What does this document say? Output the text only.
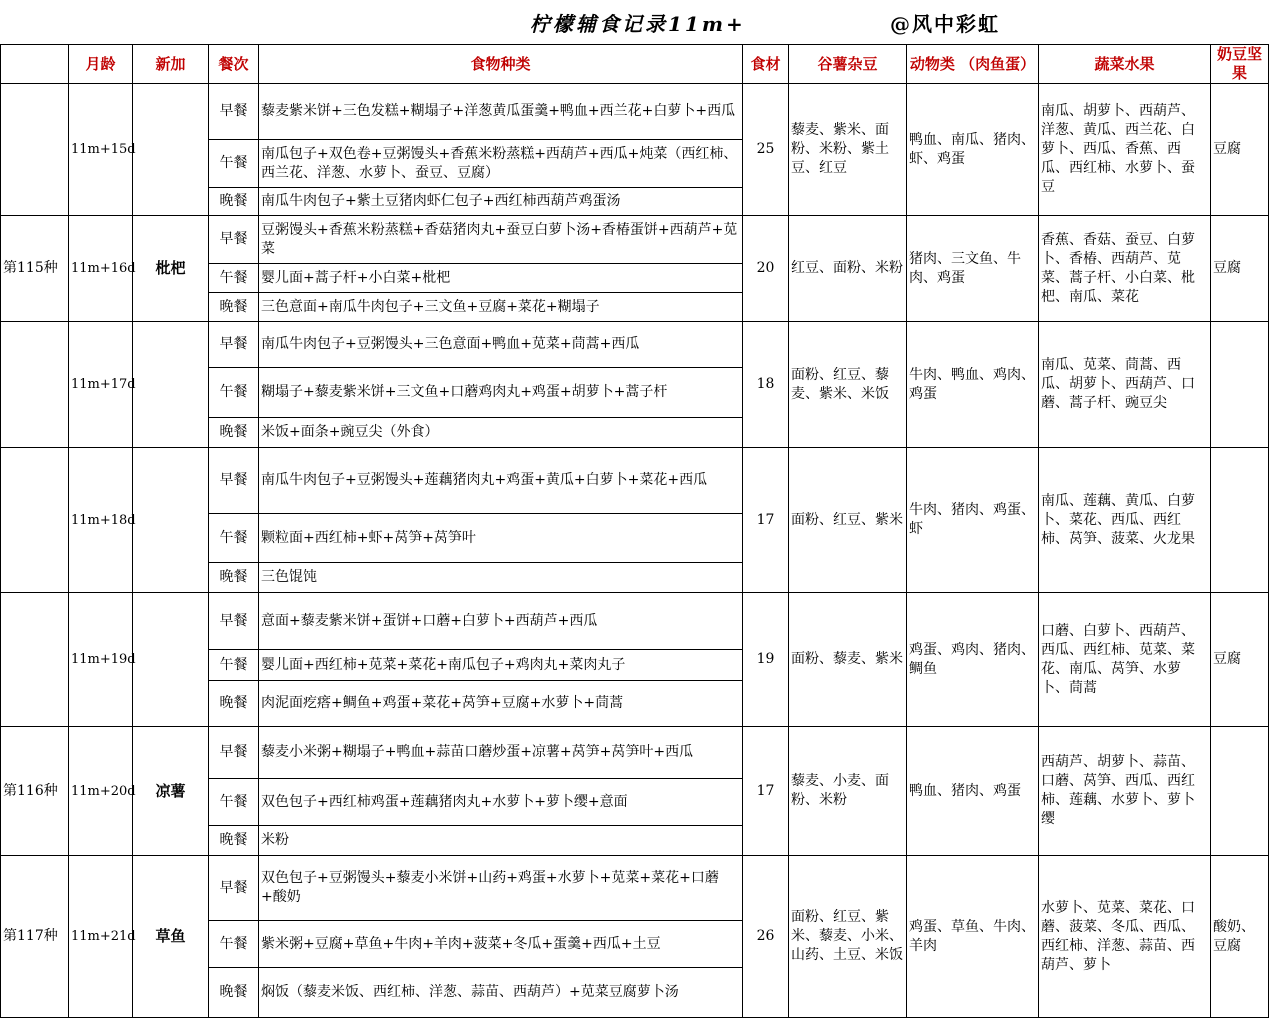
柠檬辅食记录11m+	@风中彩虹
	月龄	新加	餐次	食物种类	食材	谷薯杂豆	动物类 （肉鱼蛋）	蔬菜水果	奶豆坚果
	11m+15d		早餐	藜麦紫米饼+三色发糕+糊塌子+洋葱黄瓜蛋羹+鸭血+西兰花+白萝卜+西瓜	25	藜麦、紫米、面粉、米粉、紫土豆、红豆	鸭血、南瓜、猪肉、虾、鸡蛋	南瓜、胡萝卜、西葫芦、洋葱、黄瓜、西兰花、白萝卜、西瓜、香蕉、西瓜、西红柿、水萝卜、蚕豆	豆腐
			午餐	南瓜包子+双色卷+豆粥馒头+香蕉米粉蒸糕+西葫芦+西瓜+炖菜（西红柿、西兰花、洋葱、水萝卜、蚕豆、豆腐）					
			晚餐	南瓜牛肉包子+紫土豆猪肉虾仁包子+西红柿西葫芦鸡蛋汤					
第115种	11m+16d	枇杷	早餐	豆粥馒头+香蕉米粉蒸糕+香菇猪肉丸+蚕豆白萝卜汤+香椿蛋饼+西葫芦+苋菜	20	红豆、面粉、米粉	猪肉、三文鱼、牛肉、鸡蛋	香蕉、香菇、蚕豆、白萝卜、香椿、西葫芦、苋菜、蒿子杆、小白菜、枇杷、南瓜、菜花	豆腐
			午餐	婴儿面+蒿子杆+小白菜+枇杷					
			晚餐	三色意面+南瓜牛肉包子+三文鱼+豆腐+菜花+糊塌子					
	11m+17d		早餐	南瓜牛肉包子+豆粥馒头+三色意面+鸭血+苋菜+茼蒿+西瓜	18	面粉、红豆、藜麦、紫米、米饭	牛肉、鸭血、鸡肉、鸡蛋	南瓜、苋菜、茼蒿、西瓜、胡萝卜、西葫芦、口蘑、蒿子杆、豌豆尖	
			午餐	糊塌子+藜麦紫米饼+三文鱼+口蘑鸡肉丸+鸡蛋+胡萝卜+蒿子杆					
			晚餐	米饭+面条+豌豆尖（外食）					
	11m+18d		早餐	南瓜牛肉包子+豆粥馒头+莲藕猪肉丸+鸡蛋+黄瓜+白萝卜+菜花+西瓜	17	面粉、红豆、紫米	牛肉、猪肉、鸡蛋、虾	南瓜、莲藕、黄瓜、白萝卜、菜花、西瓜、西红柿、莴笋、菠菜、火龙果	
			午餐	颗粒面+西红柿+虾+莴笋+莴笋叶					
			晚餐	三色馄饨					
	11m+19d		早餐	意面+藜麦紫米饼+蛋饼+口蘑+白萝卜+西葫芦+西瓜	19	面粉、藜麦、紫米	鸡蛋、鸡肉、猪肉、鲷鱼	口蘑、白萝卜、西葫芦、西瓜、西红柿、苋菜、菜花、南瓜、莴笋、水萝卜、茼蒿	豆腐
			午餐	婴儿面+西红柿+苋菜+菜花+南瓜包子+鸡肉丸+菜肉丸子					
			晚餐	肉泥面疙瘩+鲷鱼+鸡蛋+菜花+莴笋+豆腐+水萝卜+茼蒿					
第116种	11m+20d	凉薯	早餐	藜麦小米粥+糊塌子+鸭血+蒜苗口蘑炒蛋+凉薯+莴笋+莴笋叶+西瓜	17	藜麦、小麦、面粉、米粉	鸭血、猪肉、鸡蛋	西葫芦、胡萝卜、蒜苗、口蘑、莴笋、西瓜、西红柿、莲藕、水萝卜、萝卜缨	
			午餐	双色包子+西红柿鸡蛋+莲藕猪肉丸+水萝卜+萝卜缨+意面					
			晚餐	米粉					
第117种	11m+21d	草鱼	早餐	双色包子+豆粥馒头+藜麦小米饼+山药+鸡蛋+水萝卜+苋菜+菜花+口蘑+酸奶	26	面粉、红豆、紫米、藜麦、小米、山药、土豆、米饭	鸡蛋、草鱼、牛肉、羊肉	水萝卜、苋菜、菜花、口蘑、菠菜、冬瓜、西瓜、西红柿、洋葱、蒜苗、西葫芦、萝卜	酸奶、豆腐
			午餐	紫米粥+豆腐+草鱼+牛肉+羊肉+菠菜+冬瓜+蛋羹+西瓜+土豆					
			晚餐	焖饭（藜麦米饭、西红柿、洋葱、蒜苗、西葫芦）+苋菜豆腐萝卜汤					
